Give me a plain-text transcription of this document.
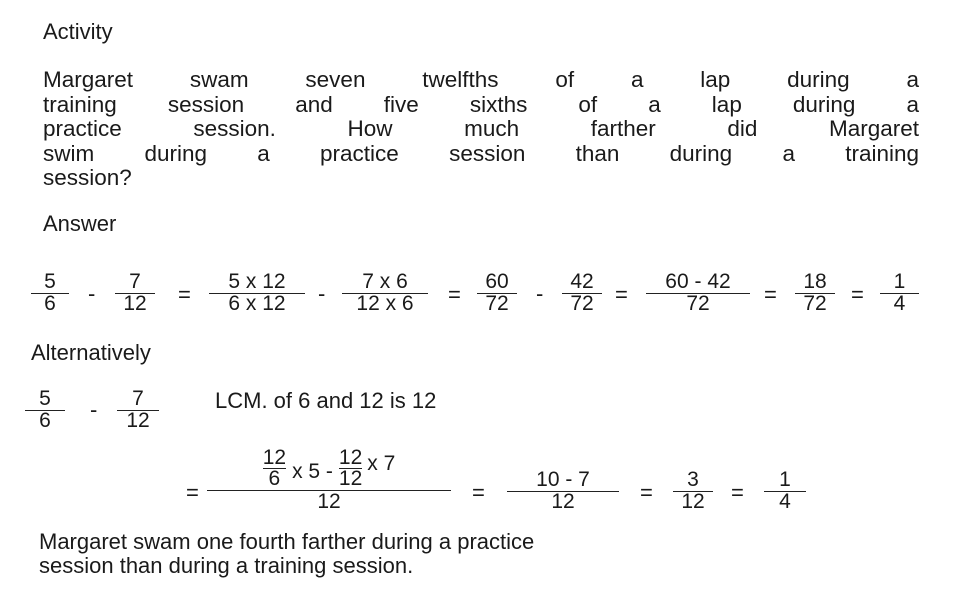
Activity
Margaret swam seven twelfths of a lap during a
training session and five sixths of a lap during a
practice session. How much farther did Margaret
swim during a practice session than during a training
session?
Answer
5
6 - 7
12 =
5 x 12
6 x 12 - 7 x 6
12 x 6 =
60
72 - 42
72 =
60 - 42
72 =
18
72 =
1
4
Alternatively
5
6 - 7
12
LCM. of 6 and 12 is 12
=
$\frac{12}{6}$ x $5 - \frac{12}{12}$ x 7
12	=
10 - 7
12	=
3
12 =
1
4
Margaret swam one fourth farther during a practice
session than during a training session.
